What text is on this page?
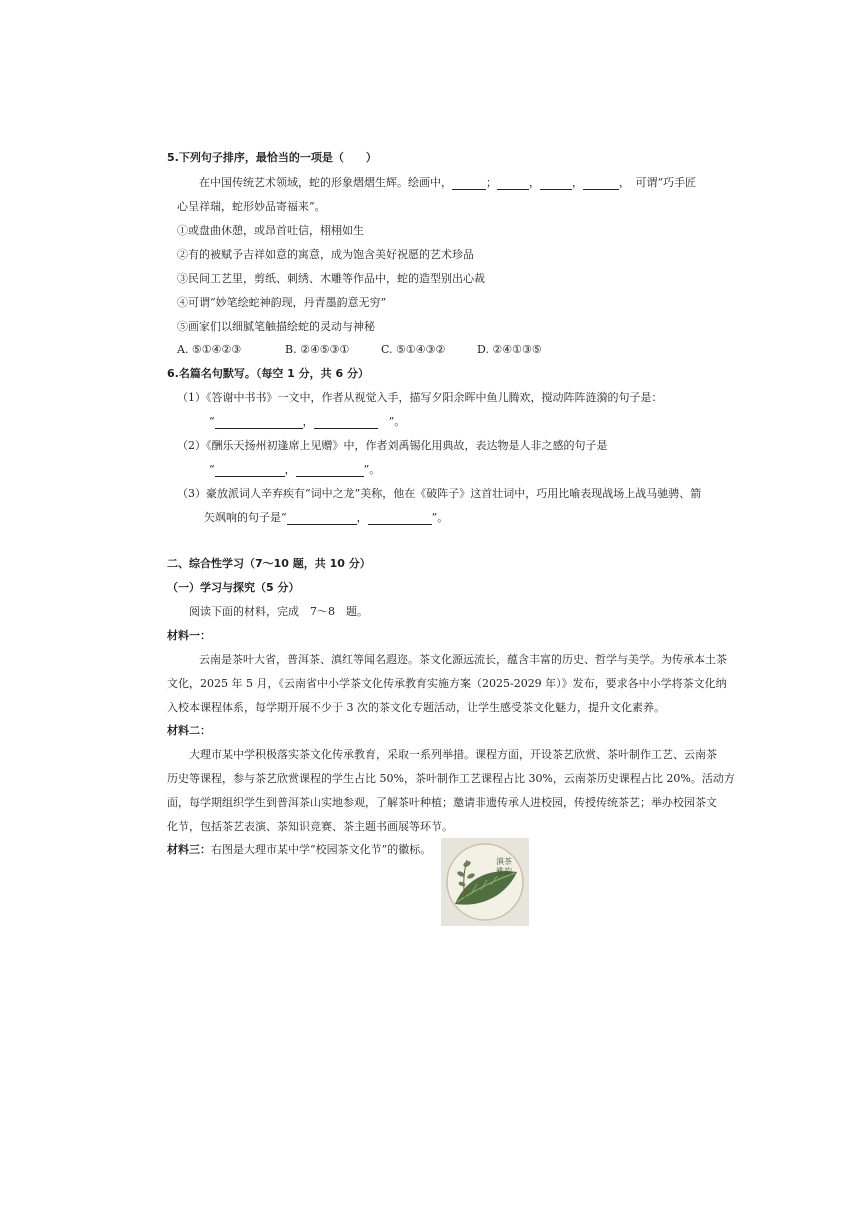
5.下列句子排序，最恰当的一项是（　　）
在中国传统艺术领域，蛇的形象熠熠生辉。绘画中，	；	，	，	，　可谓“巧手匠
心呈祥瑞，蛇形妙品寄福来”。
①或盘曲休憩，或昂首吐信，栩栩如生
②有的被赋予吉祥如意的寓意，成为饱含美好祝愿的艺术珍品
③民间工艺里，剪纸、刺绣、木雕等作品中，蛇的造型别出心裁
④可谓“妙笔绘蛇神韵现，丹青墨韵意无穷”
⑤画家们以细腻笔触描绘蛇的灵动与神秘
A. ⑤①④②③	B. ②④⑤③①	C. ⑤①④③②	D. ②④①③⑤
6.名篇名句默写。（每空 1 分，共 6 分）
（1）《答谢中书书》一文中，作者从视觉入手，描写夕阳余晖中鱼儿腾欢，搅动阵阵涟漪的句子是：
“	，　	”。
（2）《酬乐天扬州初逢席上见赠》中，作者刘禹锡化用典故，表达物是人非之感的句子是
“	，	”。
（3）豪放派词人辛弃疾有“词中之龙”美称，他在《破阵子》这首壮词中，巧用比喻表现战场上战马驰骋、箭
矢飒响的句子是“	，	”。
二、综合性学习（7～10 题，共 10 分）
（一）学习与探究（5 分）
阅读下面的材料，完成　7～8　题。
材料一：
云南是茶叶大省，普洱茶、滇红等闻名遐迩。茶文化源远流长，蕴含丰富的历史、哲学与美学。为传承本土茶
文化，2025 年 5 月，《云南省中小学茶文化传承教育实施方案（2025-2029 年）》发布，要求各中小学将茶文化纳
入校本课程体系，每学期开展不少于 3 次的茶文化专题活动，让学生感受茶文化魅力，提升文化素养。
材料二：
大理市某中学积极落实茶文化传承教育，采取一系列举措。课程方面，开设茶艺欣赏、茶叶制作工艺、云南茶
历史等课程，参与茶艺欣赏课程的学生占比 50%，茶叶制作工艺课程占比 30%，云南茶历史课程占比 20%。活动方
面，每学期组织学生到普洱茶山实地参观，了解茶叶种植；邀请非遗传承人进校园，传授传统茶艺；举办校园茶文
化节，包括茶艺表演、茶知识竞赛、茶主题书画展等环节。
材料三：右图是大理市某中学“校园茶文化节”的徽标。
滇茶
雅韵
